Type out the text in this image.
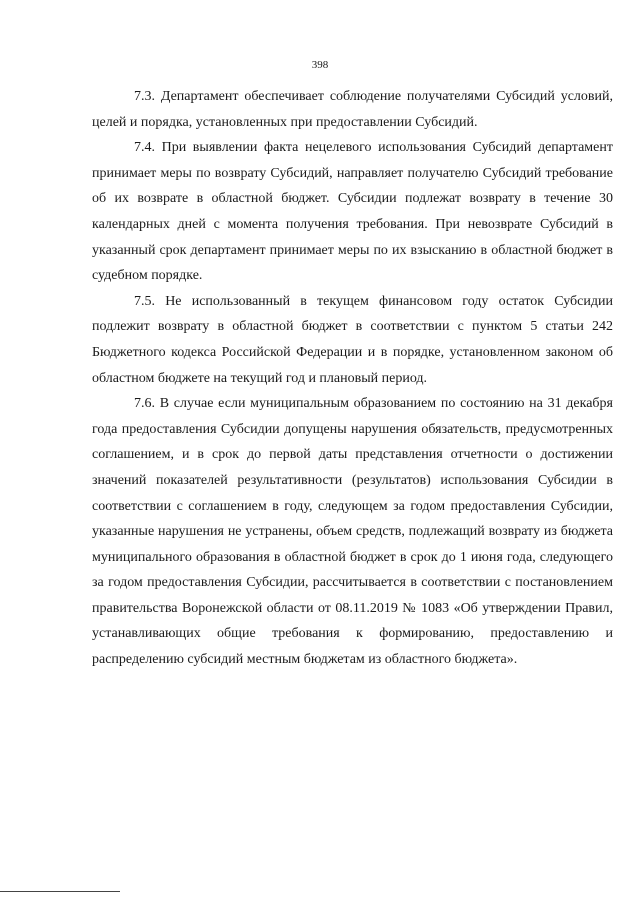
398

7.3. Департамент обеспечивает соблюдение получателями Субсидий условий, целей и порядка, установленных при предоставлении Субсидий.

7.4. При выявлении факта нецелевого использования Субсидий департамент принимает меры по возврату Субсидий, направляет получателю Субсидий требование об их возврате в областной бюджет. Субсидии подлежат возврату в течение 30 календарных дней с момента получения требования. При невозврате Субсидий в указанный срок департамент принимает меры по их взысканию в областной бюджет в судебном порядке.

7.5. Не использованный в текущем финансовом году остаток Субсидии подлежит возврату в областной бюджет в соответствии с пунктом 5 статьи 242 Бюджетного кодекса Российской Федерации и в порядке, установленном законом об областном бюджете на текущий год и плановый период.

7.6. В случае если муниципальным образованием по состоянию на 31 декабря года предоставления Субсидии допущены нарушения обязательств, предусмотренных соглашением, и в срок до первой даты представления отчетности о достижении значений показателей результативности (результатов) использования Субсидии в соответствии с соглашением в году, следующем за годом предоставления Субсидии, указанные нарушения не устранены, объем средств, подлежащий возврату из бюджета муниципального образования в областной бюджет в срок до 1 июня года, следующего за годом предоставления Субсидии, рассчитывается в соответствии с постановлением правительства Воронежской области от 08.11.2019 № 1083 «Об утверждении Правил, устанавливающих общие требования к формированию, предоставлению и распределению субсидий местным бюджетам из областного бюджета».
